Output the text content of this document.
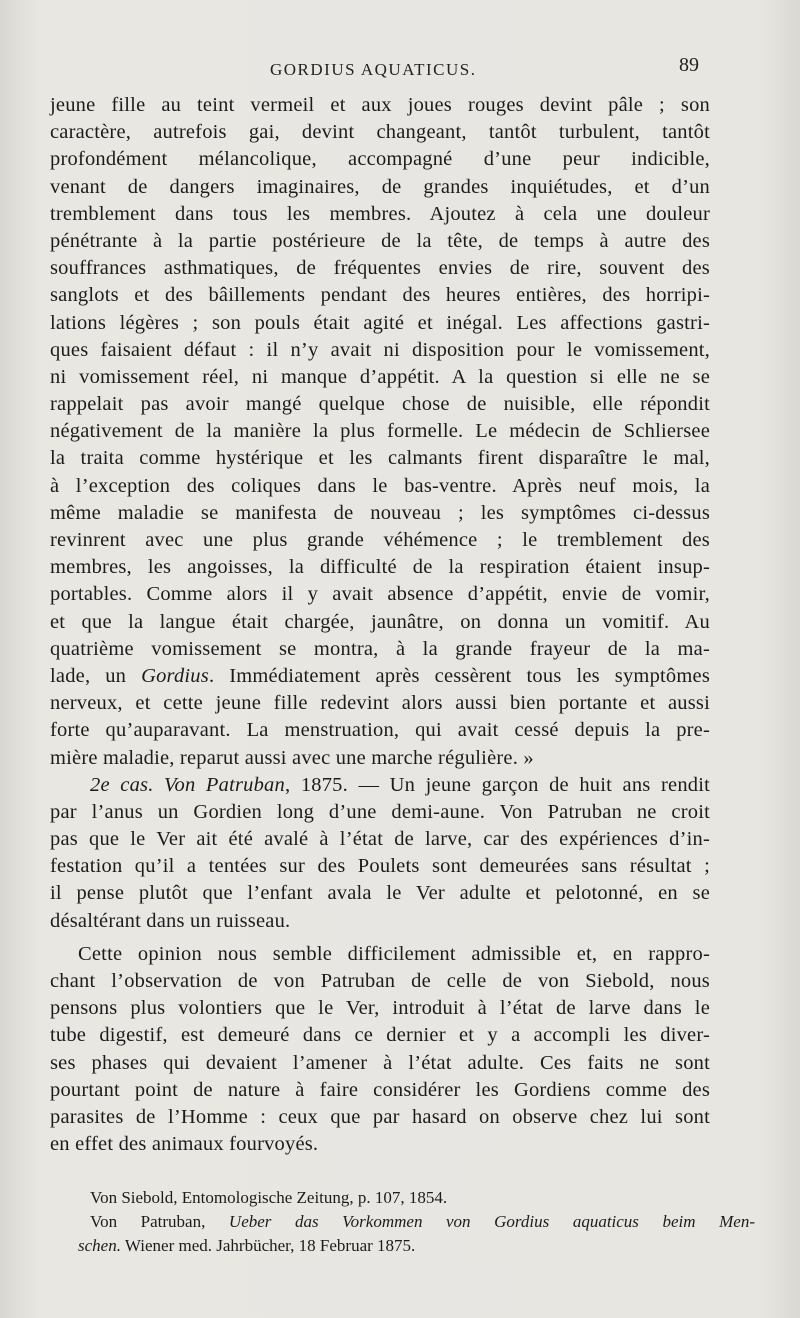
GORDIUS AQUATICUS.	89
jeune fille au teint vermeil et aux joues rouges devint pâle ; son
caractère, autrefois gai, devint changeant, tantôt turbulent, tantôt
profondément mélancolique, accompagné d’une peur indicible,
venant de dangers imaginaires, de grandes inquiétudes, et d’un
tremblement dans tous les membres. Ajoutez à cela une douleur
pénétrante à la partie postérieure de la tête, de temps à autre des
souffrances asthmatiques, de fréquentes envies de rire, souvent des
sanglots et des bâillements pendant des heures entières, des horripi-
lations légères ; son pouls était agité et inégal. Les affections gastri-
ques faisaient défaut : il n’y avait ni disposition pour le vomissement,
ni vomissement réel, ni manque d’appétit. A la question si elle ne se
rappelait pas avoir mangé quelque chose de nuisible, elle répondit
négativement de la manière la plus formelle. Le médecin de Schliersee
la traita comme hystérique et les calmants firent disparaître le mal,
à l’exception des coliques dans le bas-ventre. Après neuf mois, la
même maladie se manifesta de nouveau ; les symptômes ci-dessus
revinrent avec une plus grande véhémence ; le tremblement des
membres, les angoisses, la difficulté de la respiration étaient insup-
portables. Comme alors il y avait absence d’appétit, envie de vomir,
et que la langue était chargée, jaunâtre, on donna un vomitif. Au
quatrième vomissement se montra, à la grande frayeur de la ma-
lade, un Gordius. Immédiatement après cessèrent tous les symptômes
nerveux, et cette jeune fille redevint alors aussi bien portante et aussi
forte qu’auparavant. La menstruation, qui avait cessé depuis la pre-
mière maladie, reparut aussi avec une marche régulière. »
2e cas. Von Patruban, 1875. — Un jeune garçon de huit ans rendit
par l’anus un Gordien long d’une demi-aune. Von Patruban ne croit
pas que le Ver ait été avalé à l’état de larve, car des expériences d’in-
festation qu’il a tentées sur des Poulets sont demeurées sans résultat ;
il pense plutôt que l’enfant avala le Ver adulte et pelotonné, en se
désaltérant dans un ruisseau.
Cette opinion nous semble difficilement admissible et, en rappro-
chant l’observation de von Patruban de celle de von Siebold, nous
pensons plus volontiers que le Ver, introduit à l’état de larve dans le
tube digestif, est demeuré dans ce dernier et y a accompli les diver-
ses phases qui devaient l’amener à l’état adulte. Ces faits ne sont
pourtant point de nature à faire considérer les Gordiens comme des
parasites de l’Homme : ceux que par hasard on observe chez lui sont
en effet des animaux fourvoyés.
Von Siebold, Entomologische Zeitung, p. 107, 1854.
Von Patruban, Ueber das Vorkommen von Gordius aquaticus beim Men-
schen. Wiener med. Jahrbücher, 18 Februar 1875.
